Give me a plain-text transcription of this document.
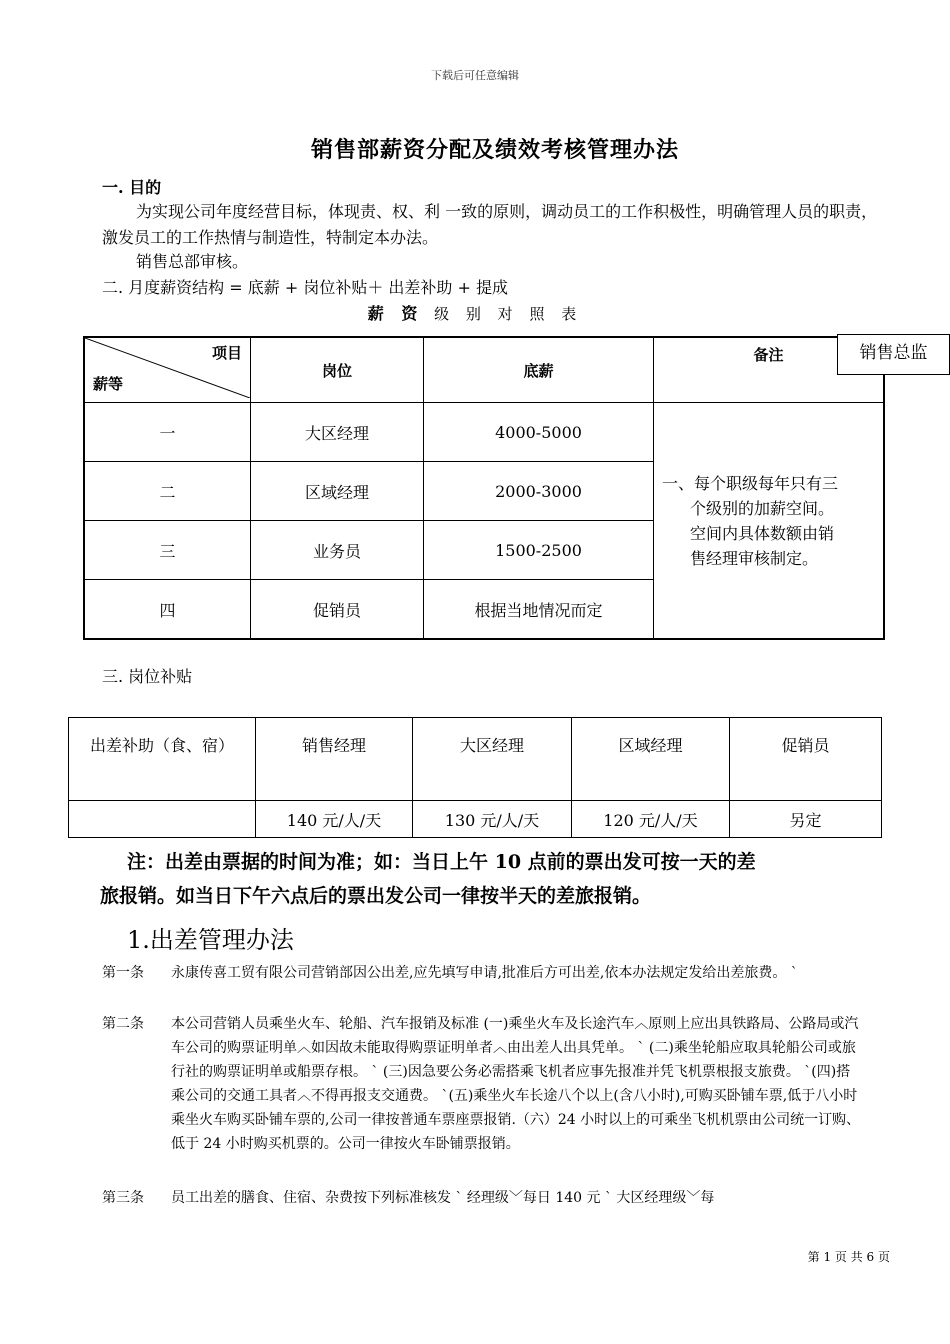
下载后可任意编辑
销售部薪资分配及绩效考核管理办法
一. 目的
为实现公司年度经营目标，体现责、权、利 一致的原则，调动员工的工作积极性，明确管理人员的职责，激发员工的工作热情与制造性，特制定本办法。
销售总部审核。
二. 月度薪资结构 = 底薪 + 岗位补贴＋ 出差补助 + 提成
薪 资 级 别 对 照 表
项目
薪等	岗位	底薪	备注
一	大区经理	4000-5000	一、每个职级每年只有三
个级别的加薪空间。
空间内具体数额由销
售经理审核制定。

二	区域经理	2000-3000	
三	业务员	1500-2500	
四	促销员	根据当地情况而定	
销售总监
三. 岗位补贴
出差补助（食、宿）	销售经理	大区经理	区域经理	促销员
	140 元/人/天	130 元/人/天	120 元/人/天	另定
注：出差由票据的时间为准；如：当日上午 10 点前的票出发可按一天的差
旅报销。如当日下午六点后的票出发公司一律按半天的差旅报销。
1.出差管理办法
第一条 永康传喜工贸有限公司营销部因公出差,应先填写申请,批准后方可出差,依本办法规定发给出差旅费。 ˋ
第二条 本公司营销人员乘坐火车、轮船、汽车报销及标准 (一)乘坐火车及长途汽车︿原则上应出具铁路局、公路局或汽车公司的购票证明单︿如因故未能取得购票证明单者︿由出差人出具凭单。 ˋ (二)乘坐轮船应取具轮船公司或旅行社的购票证明单或船票存根。 ˋ (三)因急要公务必需搭乘飞机者应事先报准并凭飞机票根报支旅费。 ˋ(四)搭乘公司的交通工具者︿不得再报支交通费。 ˋ(五)乘坐火车长途八个以上(含八小时),可购买卧铺车票,低于八小时乘坐火车购买卧铺车票的,公司一律按普通车票座票报销.（六）24 小时以上的可乘坐飞机机票由公司统一订购、低于 24 小时购买机票的。公司一律按火车卧铺票报销。
第三条 员工出差的膳食、住宿、杂费按下列标准核发 ˋ 经理级﹀每日 140 元 ˋ 大区经理级﹀每
第 1 页 共 6 页
